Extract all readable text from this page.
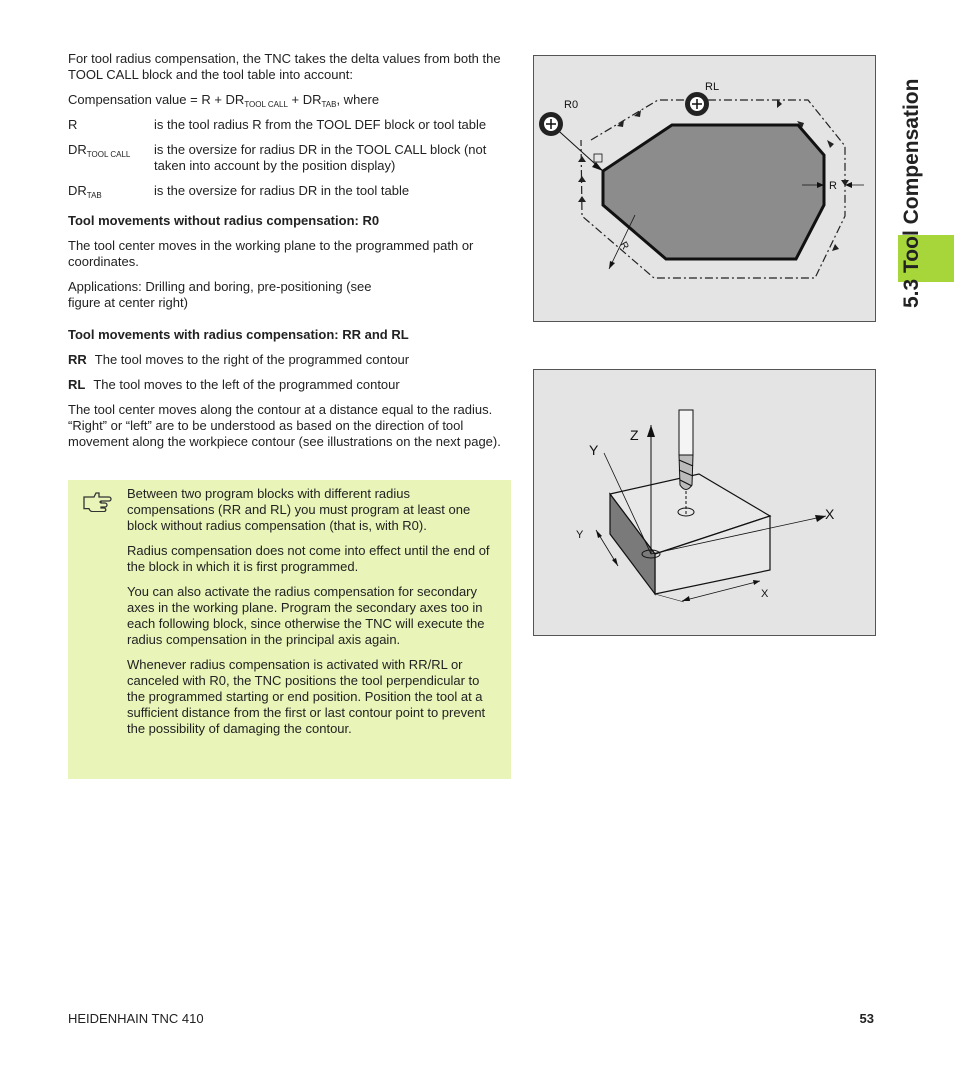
5.3 Tool Compensation

For tool radius compensation, the TNC takes the delta values from both the TOOL CALL block and the tool table into account:

Compensation value = $R + DR_{TOOL CALL} + DR_{TAB}$, where

R	is the tool radius R from the TOOL DEF block or tool table
$DR_{TOOL CALL}$	is the oversize for radius DR in the TOOL CALL block (not taken into account by the position display)
$DR_{TAB}$	is the oversize for radius DR in the tool table

Tool movements without radius compensation: R0

The tool center moves in the working plane to the programmed path or coordinates.

Applications: Drilling and boring, pre-positioning (see figure at center right)

Tool movements with radius compensation: RR and RL

RR The tool moves to the right of the programmed contour
RL The tool moves to the left of the programmed contour

The tool center moves along the contour at a distance equal to the radius. “Right” or “left” are to be understood as based on the direction of tool movement along the workpiece contour (see illustrations on the next page).

Between two program blocks with different radius compensations (RR and RL) you must program at least one block without radius compensation (that is, with R0).

Radius compensation does not come into effect until the end of the block in which it is first programmed.

You can also activate the radius compensation for secondary axes in the working plane. Program the secondary axes too in each following block, since otherwise the TNC will execute the radius compensation in the principal axis again.

Whenever radius compensation is activated with RR/RL or canceled with R0, the TNC positions the tool perpendicular to the programmed starting or end position. Position the tool at a sufficient distance from the first or last contour point to prevent the possibility of damaging the contour.

R0
RL
R
R
Z
Y
X
Y
X
HEIDENHAIN TNC 410	53
